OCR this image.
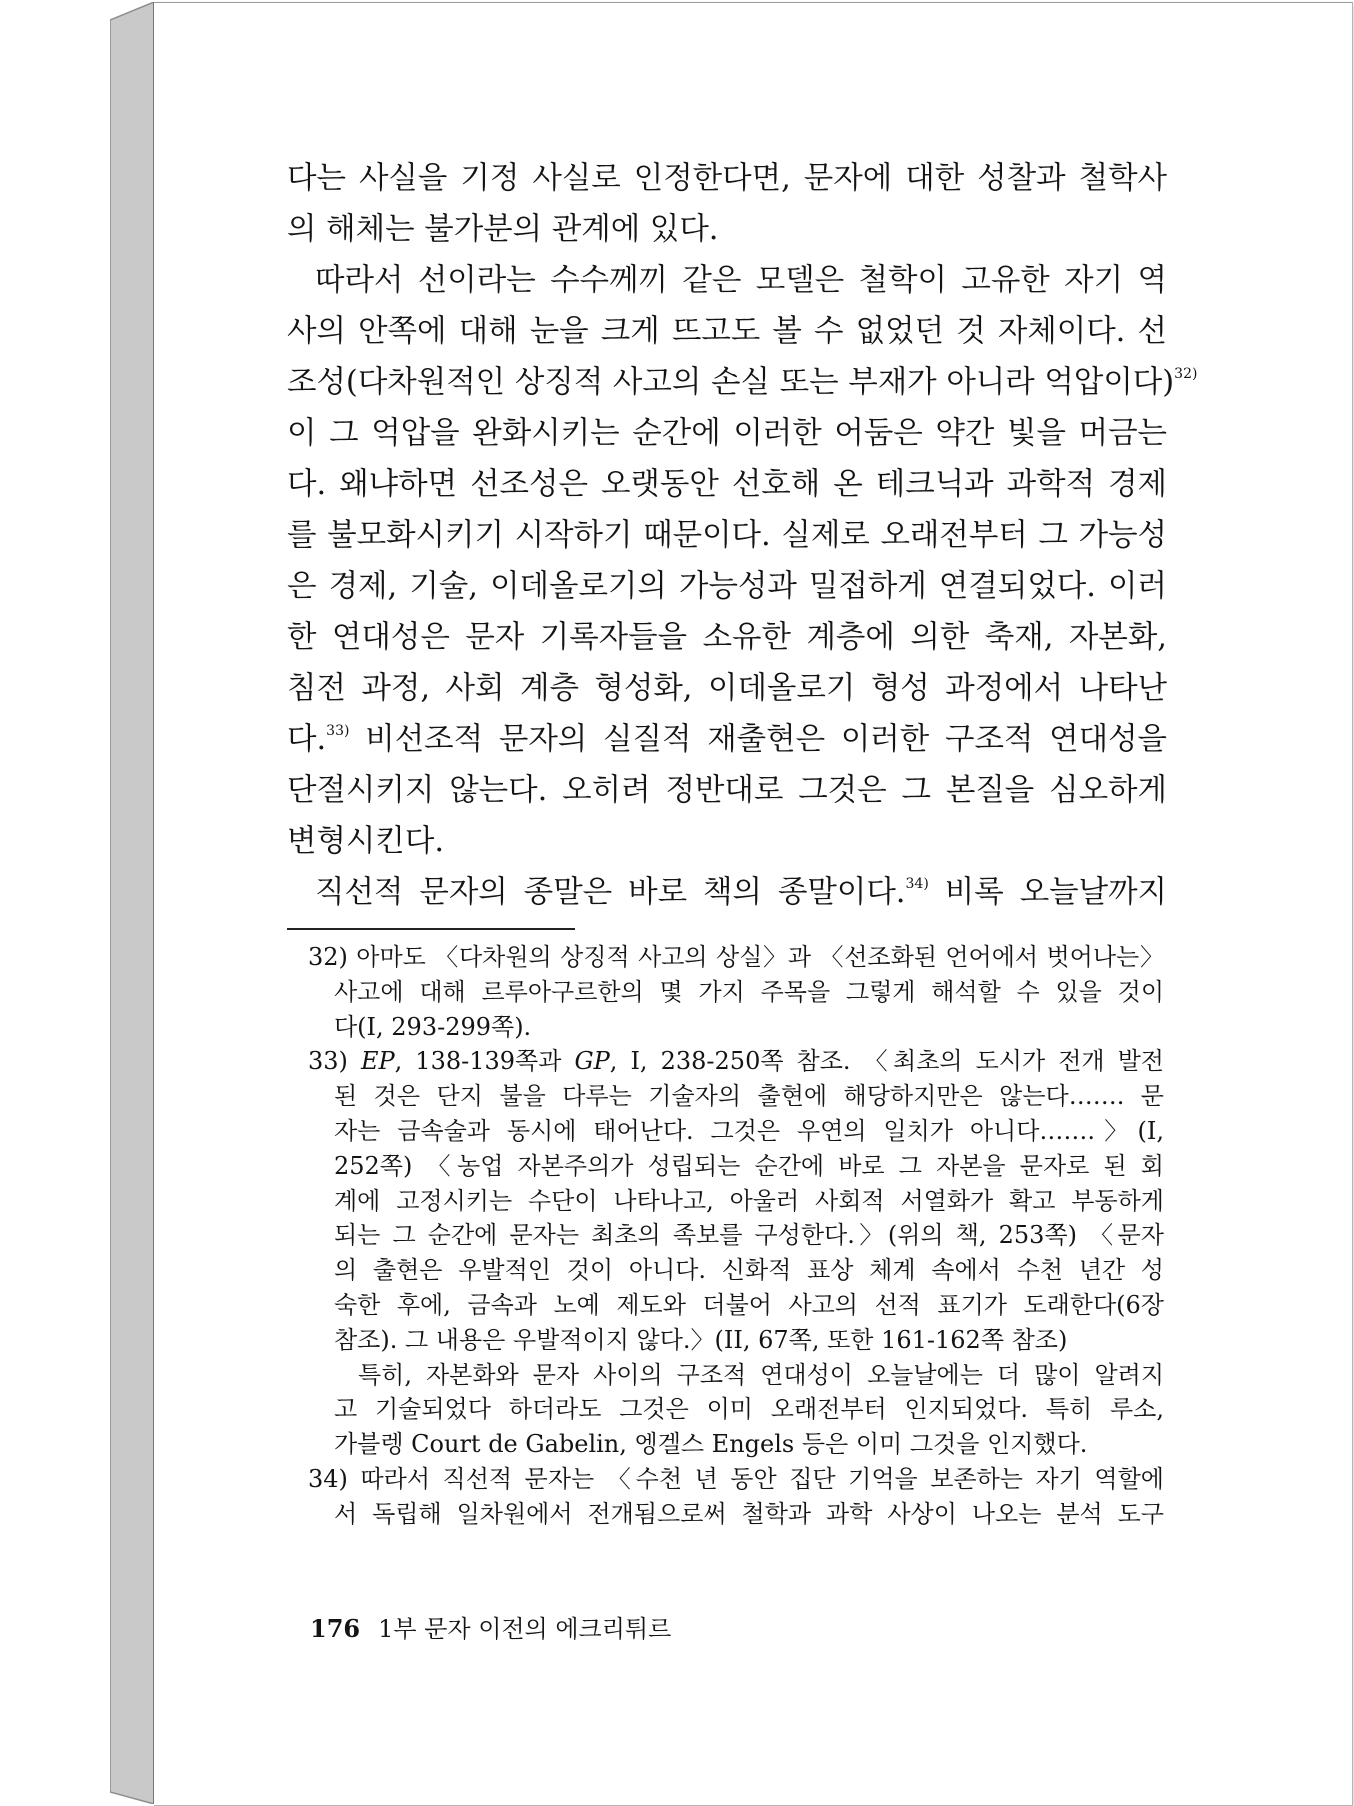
다는 사실을 기정 사실로 인정한다면, 문자에 대한 성찰과 철학사
의 해체는 불가분의 관계에 있다.
따라서 선이라는 수수께끼 같은 모델은 철학이 고유한 자기 역
사의 안쪽에 대해 눈을 크게 뜨고도 볼 수 없었던 것 자체이다. 선
조성(다차원적인 상징적 사고의 손실 또는 부재가 아니라 억압이다)$^{32)}$
이 그 억압을 완화시키는 순간에 이러한 어둠은 약간 빛을 머금는
다. 왜냐하면 선조성은 오랫동안 선호해 온 테크닉과 과학적 경제
를 불모화시키기 시작하기 때문이다. 실제로 오래전부터 그 가능성
은 경제, 기술, 이데올로기의 가능성과 밀접하게 연결되었다. 이러
한 연대성은 문자 기록자들을 소유한 계층에 의한 축재, 자본화,
침전 과정, 사회 계층 형성화, 이데올로기 형성 과정에서 나타난
다.$^{33)}$ 비선조적 문자의 실질적 재출현은 이러한 구조적 연대성을
단절시키지 않는다. 오히려 정반대로 그것은 그 본질을 심오하게
변형시킨다.
직선적 문자의 종말은 바로 책의 종말이다.$^{34)}$ 비록 오늘날까지
32) 아마도 〈다차원의 상징적 사고의 상실〉과 〈선조화된 언어에서 벗어나는〉
사고에 대해 르루아구르한의 몇 가지 주목을 그렇게 해석할 수 있을 것이
다(I, 293-299쪽).
33) EP, 138-139쪽과 GP, I, 238-250쪽 참조. 〈최초의 도시가 전개 발전
된 것은 단지 불을 다루는 기술자의 출현에 해당하지만은 않는다……. 문
자는 금속술과 동시에 태어난다. 그것은 우연의 일치가 아니다…….〉(I,
252쪽) 〈농업 자본주의가 성립되는 순간에 바로 그 자본을 문자로 된 회
계에 고정시키는 수단이 나타나고, 아울러 사회적 서열화가 확고 부동하게
되는 그 순간에 문자는 최초의 족보를 구성한다.〉(위의 책, 253쪽) 〈문자
의 출현은 우발적인 것이 아니다. 신화적 표상 체계 속에서 수천 년간 성
숙한 후에, 금속과 노예 제도와 더불어 사고의 선적 표기가 도래한다(6장
참조). 그 내용은 우발적이지 않다.〉(II, 67쪽, 또한 161-162쪽 참조)
특히, 자본화와 문자 사이의 구조적 연대성이 오늘날에는 더 많이 알려지
고 기술되었다 하더라도 그것은 이미 오래전부터 인지되었다. 특히 루소,
가블렝 Court de Gabelin, 엥겔스 Engels 등은 이미 그것을 인지했다.
34) 따라서 직선적 문자는 〈수천 년 동안 집단 기억을 보존하는 자기 역할에
서 독립해 일차원에서 전개됨으로써 철학과 과학 사상이 나오는 분석 도구
176 1부 문자 이전의 에크리튀르
